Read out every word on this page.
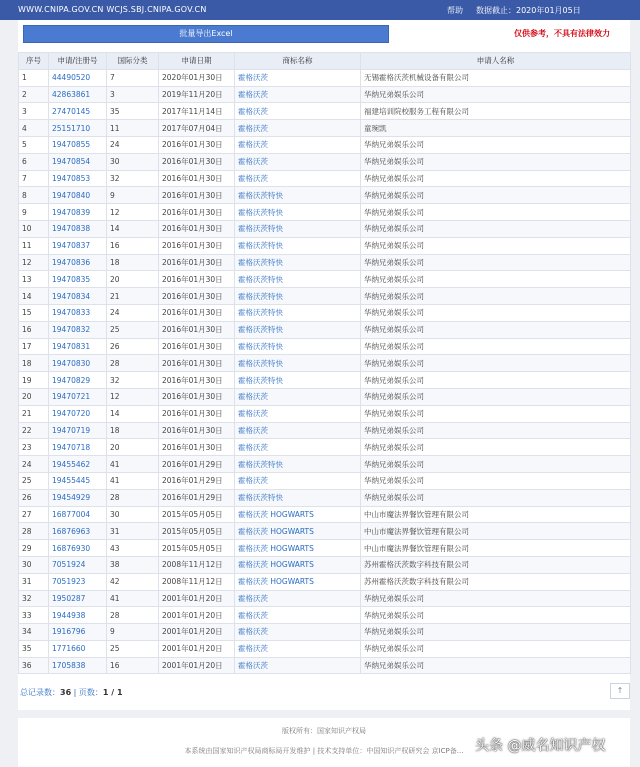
WWW.CNIPA.GOV.CN WCJS.SBJ.CNIPA.GOV.CN	帮助 数据截止：2020年01月05日
批量导出Excel	仅供参考，不具有法律效力
序号	申请/注册号	国际分类	申请日期	商标名称	申请人名称
1	44490520	7	2020年01月30日	霍格沃茨	无锡霍格沃茨机械设备有限公司
2	42863861	3	2019年11月20日	霍格沃茨	华纳兄弟娱乐公司
3	27470145	35	2017年11月14日	霍格沃茨	福建培训院校服务工程有限公司
4	25151710	11	2017年07月04日	霍格沃茨	童琬凯
5	19470855	24	2016年01月30日	霍格沃茨	华纳兄弟娱乐公司
6	19470854	30	2016年01月30日	霍格沃茨	华纳兄弟娱乐公司
7	19470853	32	2016年01月30日	霍格沃茨	华纳兄弟娱乐公司
8	19470840	9	2016年01月30日	霍格沃茨特快	华纳兄弟娱乐公司
9	19470839	12	2016年01月30日	霍格沃茨特快	华纳兄弟娱乐公司
10	19470838	14	2016年01月30日	霍格沃茨特快	华纳兄弟娱乐公司
11	19470837	16	2016年01月30日	霍格沃茨特快	华纳兄弟娱乐公司
12	19470836	18	2016年01月30日	霍格沃茨特快	华纳兄弟娱乐公司
13	19470835	20	2016年01月30日	霍格沃茨特快	华纳兄弟娱乐公司
14	19470834	21	2016年01月30日	霍格沃茨特快	华纳兄弟娱乐公司
15	19470833	24	2016年01月30日	霍格沃茨特快	华纳兄弟娱乐公司
16	19470832	25	2016年01月30日	霍格沃茨特快	华纳兄弟娱乐公司
17	19470831	26	2016年01月30日	霍格沃茨特快	华纳兄弟娱乐公司
18	19470830	28	2016年01月30日	霍格沃茨特快	华纳兄弟娱乐公司
19	19470829	32	2016年01月30日	霍格沃茨特快	华纳兄弟娱乐公司
20	19470721	12	2016年01月30日	霍格沃茨	华纳兄弟娱乐公司
21	19470720	14	2016年01月30日	霍格沃茨	华纳兄弟娱乐公司
22	19470719	18	2016年01月30日	霍格沃茨	华纳兄弟娱乐公司
23	19470718	20	2016年01月30日	霍格沃茨	华纳兄弟娱乐公司
24	19455462	41	2016年01月29日	霍格沃茨特快	华纳兄弟娱乐公司
25	19455445	41	2016年01月29日	霍格沃茨	华纳兄弟娱乐公司
26	19454929	28	2016年01月29日	霍格沃茨特快	华纳兄弟娱乐公司
27	16877004	30	2015年05月05日	霍格沃茨 HOGWARTS	中山市魔法界餐饮管理有限公司
28	16876963	31	2015年05月05日	霍格沃茨 HOGWARTS	中山市魔法界餐饮管理有限公司
29	16876930	43	2015年05月05日	霍格沃茨 HOGWARTS	中山市魔法界餐饮管理有限公司
30	7051924	38	2008年11月12日	霍格沃茨 HOGWARTS	苏州霍格沃茨数字科技有限公司
31	7051923	42	2008年11月12日	霍格沃茨 HOGWARTS	苏州霍格沃茨数字科技有限公司
32	1950287	41	2001年01月20日	霍格沃茨	华纳兄弟娱乐公司
33	1944938	28	2001年01月20日	霍格沃茨	华纳兄弟娱乐公司
34	1916796	9	2001年01月20日	霍格沃茨	华纳兄弟娱乐公司
35	1771660	25	2001年01月20日	霍格沃茨	华纳兄弟娱乐公司
36	1705838	16	2001年01月20日	霍格沃茨	华纳兄弟娱乐公司
总记录数：36 | 页数：1 / 1	↑
版权所有：国家知识产权局
本系统由国家知识产权局商标局开发维护 | 技术支持单位：中国知识产权研究会 京ICP备... 头条 @威名知识产权
